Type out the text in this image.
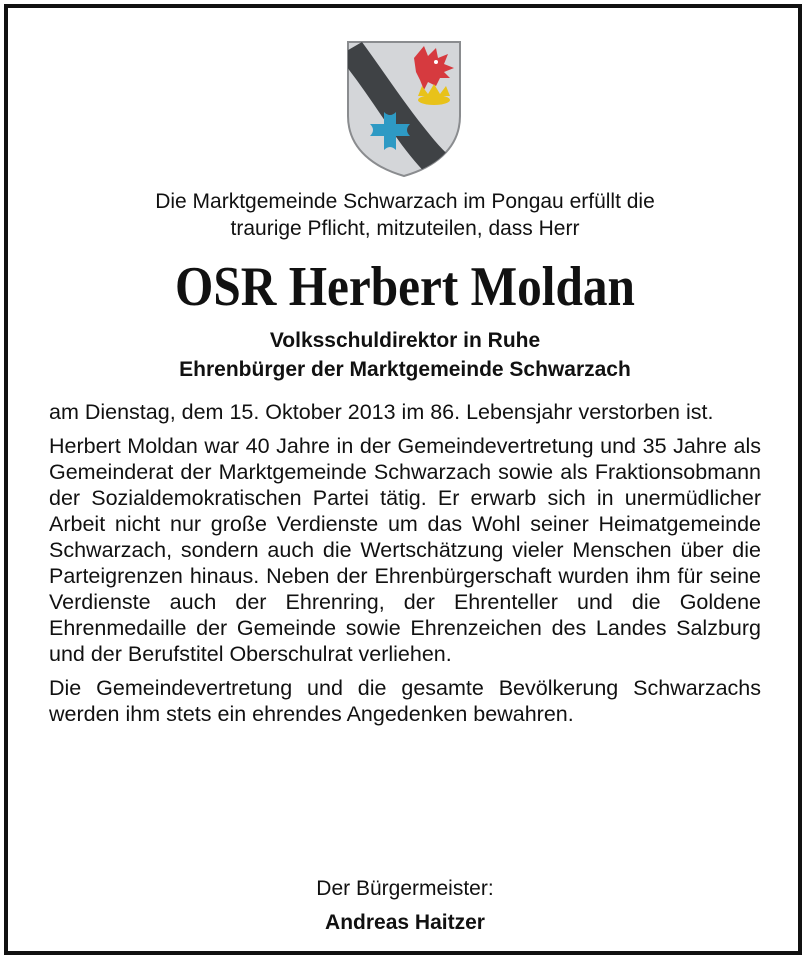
Die Marktgemeinde Schwarzach im Pongau erfüllt die
traurige Pflicht, mitzuteilen, dass Herr
OSR Herbert Moldan
Volksschuldirektor in Ruhe
Ehrenbürger der Marktgemeinde Schwarzach

am Dienstag, dem 15. Oktober 2013 im 86. Lebensjahr verstorben ist.

Herbert Moldan war 40 Jahre in der Gemeindevertretung und 35 Jahre als Gemeinderat der Marktgemeinde Schwarzach sowie als Fraktionsobmann der Sozialdemokratischen Partei tätig. Er erwarb sich in unermüdlicher Arbeit nicht nur große Verdienste um das Wohl seiner Heimatgemeinde Schwarzach, sondern auch die Wertschätzung vieler Menschen über die Parteigrenzen hinaus. Neben der Ehrenbürgerschaft wurden ihm für seine Verdienste auch der Ehrenring, der Ehrenteller und die Goldene Ehrenmedaille der Gemeinde sowie Ehrenzeichen des Landes Salzburg und der Berufstitel Oberschulrat verliehen.

Die Gemeindevertretung und die gesamte Bevölkerung Schwarzachs werden ihm stets ein ehrendes Angedenken bewahren.

Der Bürgermeister:
Andreas Haitzer
